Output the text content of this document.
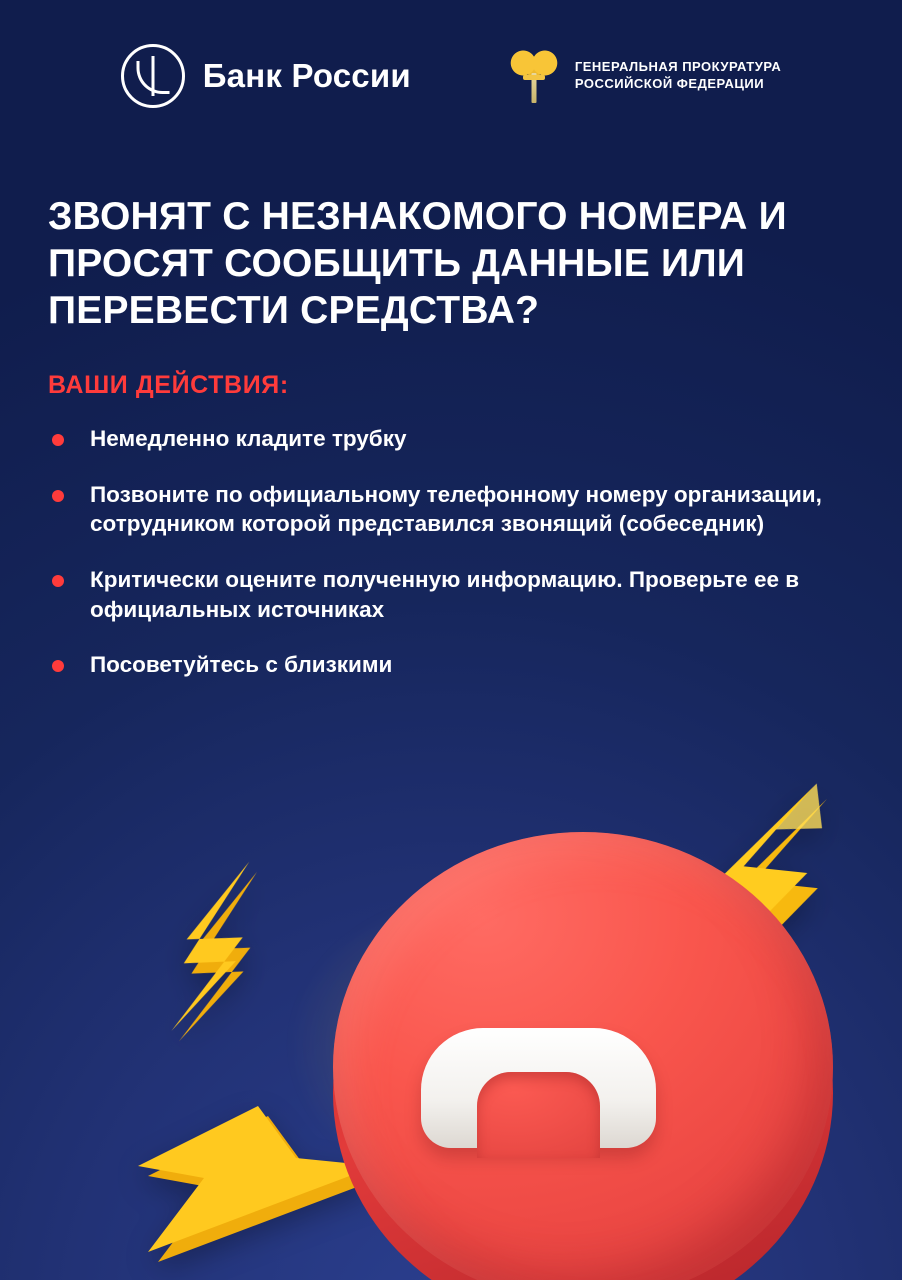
Банк России	ГЕНЕРАЛЬНАЯ ПРОКУРАТУРА
РОССИЙСКОЙ ФЕДЕРАЦИИ
ЗВОНЯТ С НЕЗНАКОМОГО НОМЕРА И ПРОСЯТ СООБЩИТЬ ДАННЫЕ ИЛИ ПЕРЕВЕСТИ СРЕДСТВА?
ВАШИ ДЕЙСТВИЯ:
Немедленно кладите трубку
Позвоните по официальному телефонному номеру организации, сотрудником которой представился звонящий (собеседник)
Критически оцените полученную информацию. Проверьте ее в официальных источниках
Посоветуйтесь с близкими
